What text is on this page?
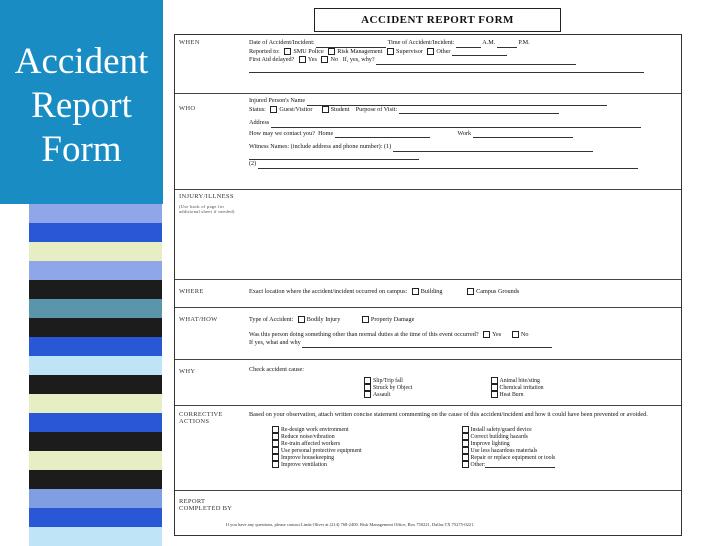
Accident
Report
Form
ACCIDENT REPORT FORM
WHEN	Date of Accident/Incident:	Time of Accident/Incident:	A.M.	P.M.
Reported to: SMU Police Risk Management Supervisor Other
First Aid delayed? Yes No If, yes, why?
WHO
Injured Person's Name
Status: Guest/Visitor	Student Purpose of Visit:
Address
How may we contact you? Home	Work
Witness Names: (include address and phone number): (1)
(2)
INJURY/ILLNESS
(Use back of page for additional sheet if needed)
WHERE	Exact location where the accident/incident occurred on campus: Building	Campus Grounds
WHAT/HOW	Type of Accident: Bodily Injury	Property Damage
Was this person doing something other than normal duties at the time of this event occurred? Yes	No
If yes, what and why
WHY	Check accident cause:
Slip/Trip fall
Struck by Object
Assault

Animal bite/sting
Chemical irritation
Heat Burn
CORRECTIVE ACTIONS
Based on your observation, attach written concise statement commenting on the cause of this accident/incident and how it could have been prevented or avoided.
Re-design work environment
Reduce noise/vibration
Re-train affected workers
Use personal protective equipment
Improve housekeeping
Improve ventilation

Install safety/guard device
Correct building hazards
Improve lighting
Use less hazardous materials
Repair or replace equipment or tools
Other:
REPORT COMPLETED BY
If you have any questions, please contact Linda Oliver at (214) 768-2400. Risk Management Office, Box 750221, Dallas TX 75275-0221.
